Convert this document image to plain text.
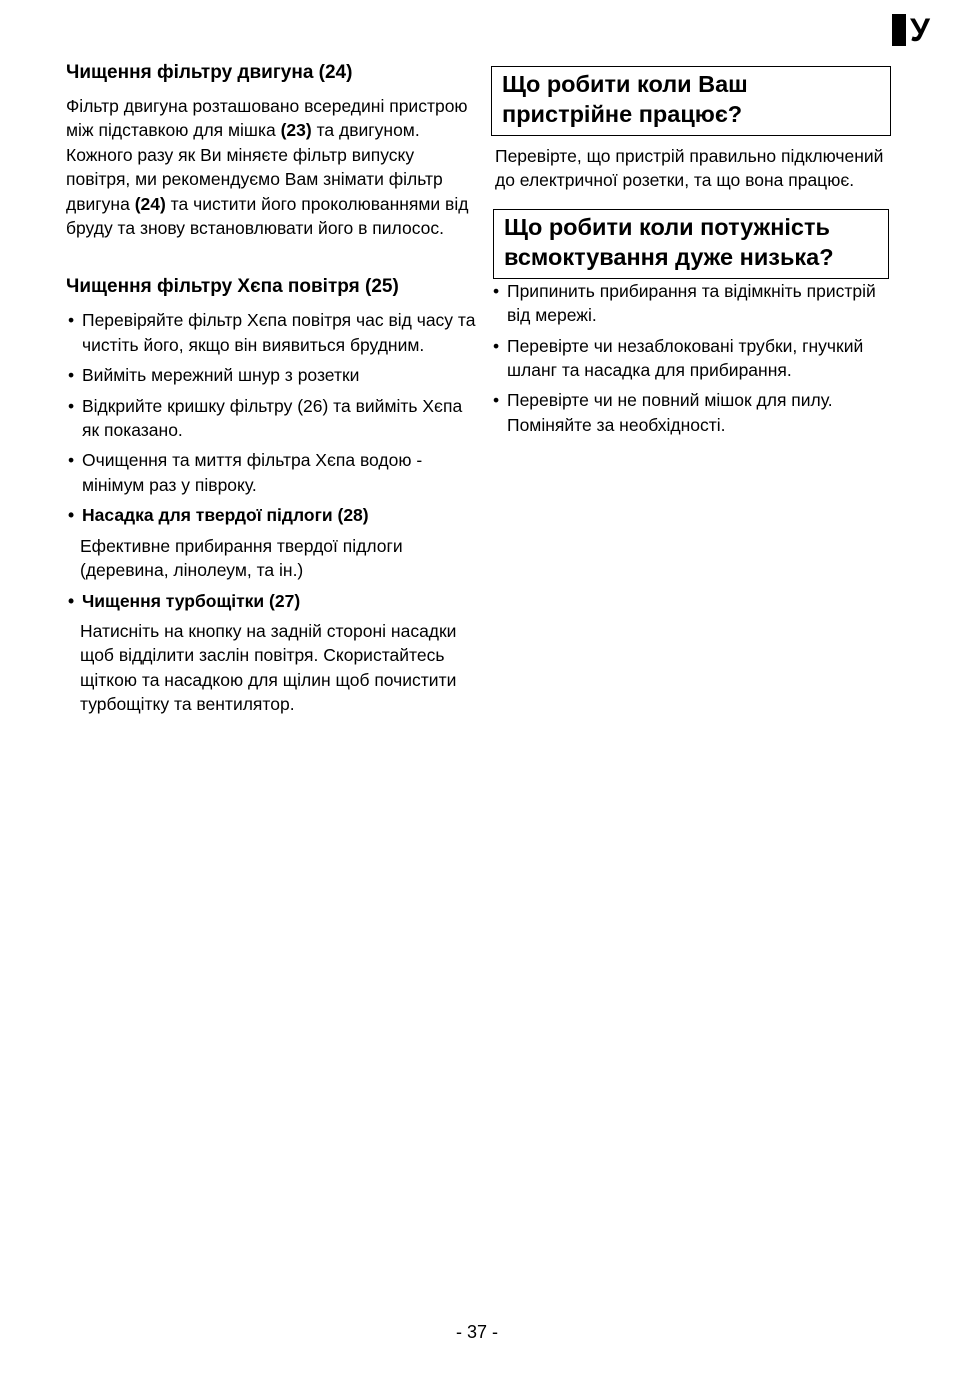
У
Чищення фільтру двигуна (24)

Фільтр двигуна розташовано всередині пристрою між підставкою для мішка (23) та двигуном. Кожного разу як Ви міняєте фільтр випуску повітря, ми рекомендуємо Вам знімати фільтр двигуна (24) та чистити його проколюваннями від бруду та знову встановлювати його в пилосос.

Чищення фільтру Хєпа повітря (25)
• Перевіряйте фільтр Хєпа повітря час від часу та чистіть його, якщо він виявиться брудним.
• Вийміть мережний шнур з розетки
• Відкрийте кришку фільтру (26) та вийміть Хєпа як показано.
• Очищення та миття фільтра Хєпа водою - мінімум раз у півроку.
• Насадка для твердої підлоги (28)

Ефективне прибирання твердої підлоги (деревина, лінолеум, та ін.)

• Чищення турбощітки (27)

Натисніть на кнопку на задній стороні насадки щоб відділити заслін повітря. Скористайтесь щіткою та насадкою для щілин щоб почистити турбощітку та вентилятор.

Що робити коли Ваш пристрійне працює?

Перевірте, що пристрій правильно підключений до електричної розетки, та що вона працює.

Що робити коли потужність всмоктування дуже низька?
• Припинить прибирання та відімкніть пристрій від мережі.
• Перевірте чи незаблоковані трубки, гнучкий шланг та насадка для прибирання.
• Перевірте чи не повний мішок для пилу. Поміняйте за необхідності.
- 37 -
